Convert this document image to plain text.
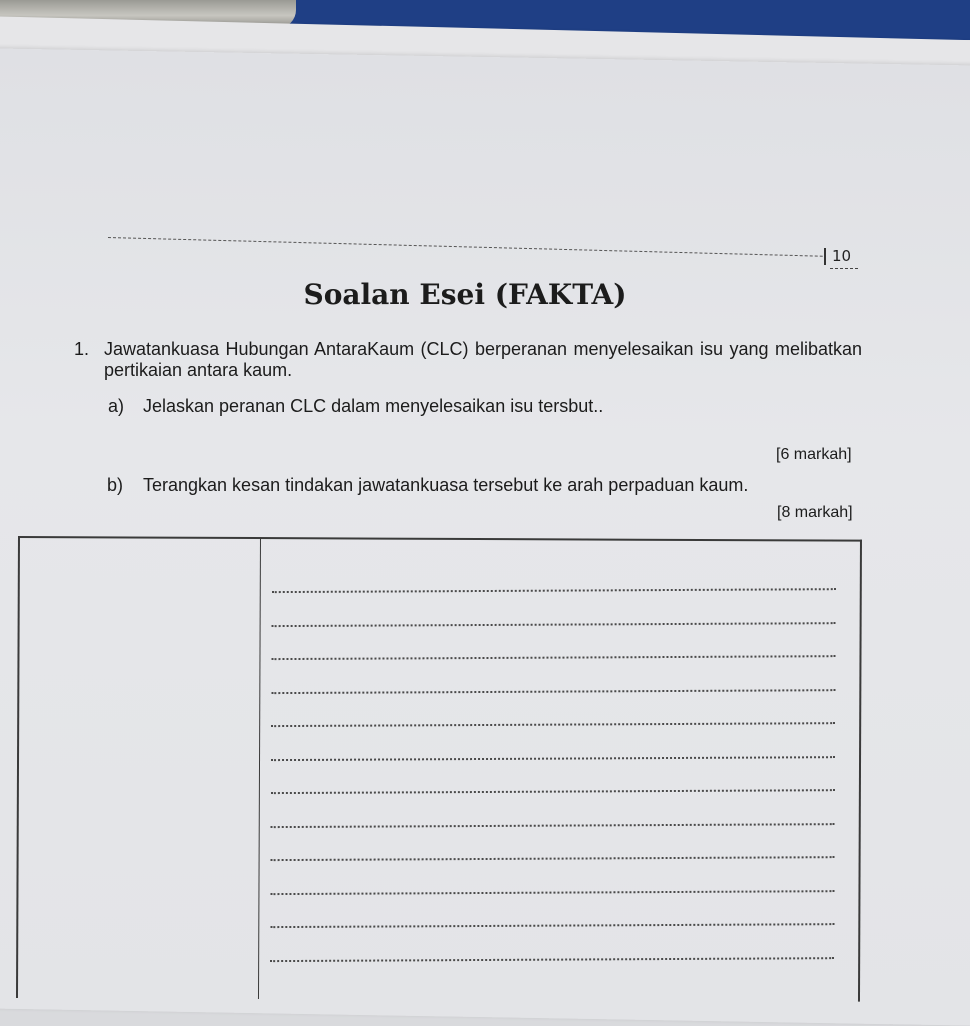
10
Soalan Esei (FAKTA)
1. Jawatankuasa Hubungan AntaraKaum (CLC) berperanan menyelesaikan isu yang melibatkan pertikaian antara kaum.
a) Jelaskan peranan CLC dalam menyelesaikan isu tersbut..
[6 markah]
b) Terangkan kesan tindakan jawatankuasa tersebut ke arah perpaduan kaum.
[8 markah]
